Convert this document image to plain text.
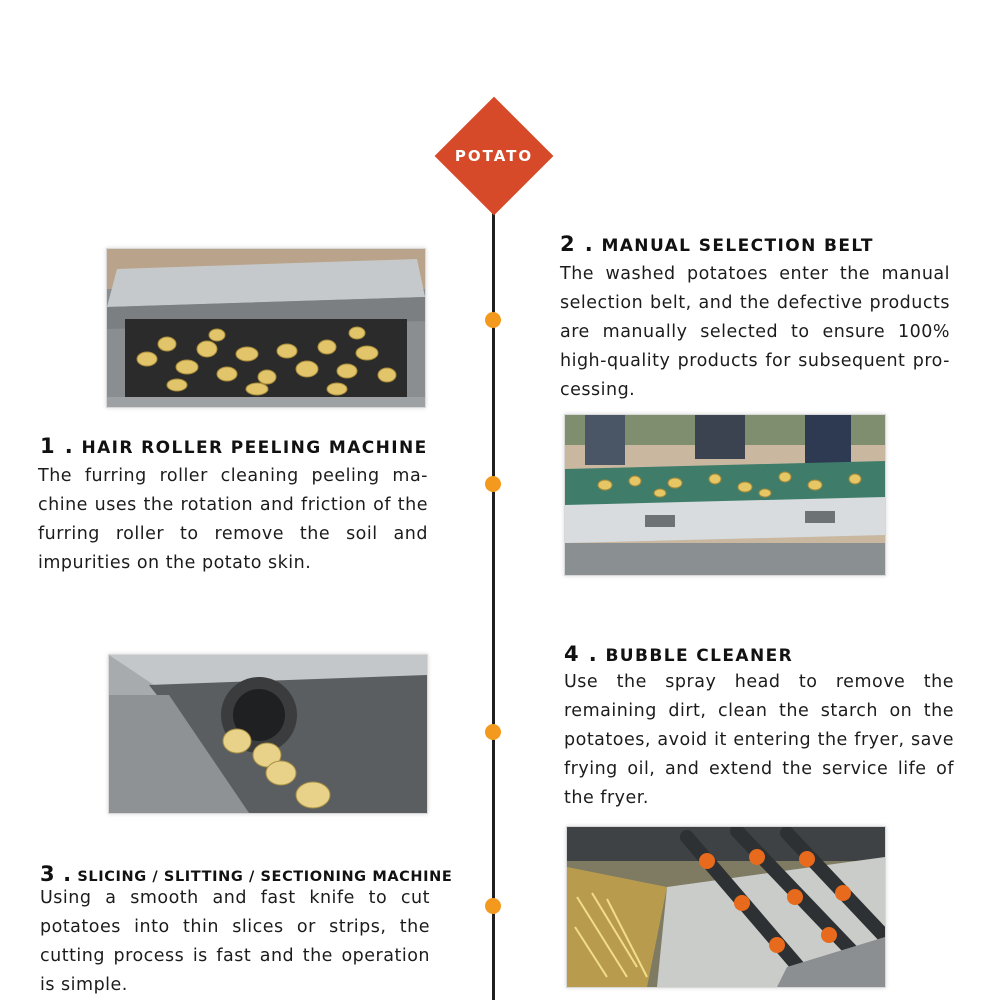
POTATO
1 . HAIR ROLLER PEELING MACHINE
The furring roller cleaning peeling ma-chine uses the rotation and friction of the furring roller to remove the soil and impurities on the potato skin.
2 . MANUAL SELECTION BELT
The washed potatoes enter the manual selection belt, and the defective products are manually selected to ensure 100% high-quality products for subsequent pro-cessing.
3 . SLICING / SLITTING / SECTIONING MACHINE
Using a smooth and fast knife to cut potatoes into thin slices or strips, the cutting process is fast and the operation is simple.
4 . BUBBLE CLEANER
Use the spray head to remove the remaining dirt, clean the starch on the potatoes, avoid it entering the fryer, save frying oil, and extend the service life of the fryer.
